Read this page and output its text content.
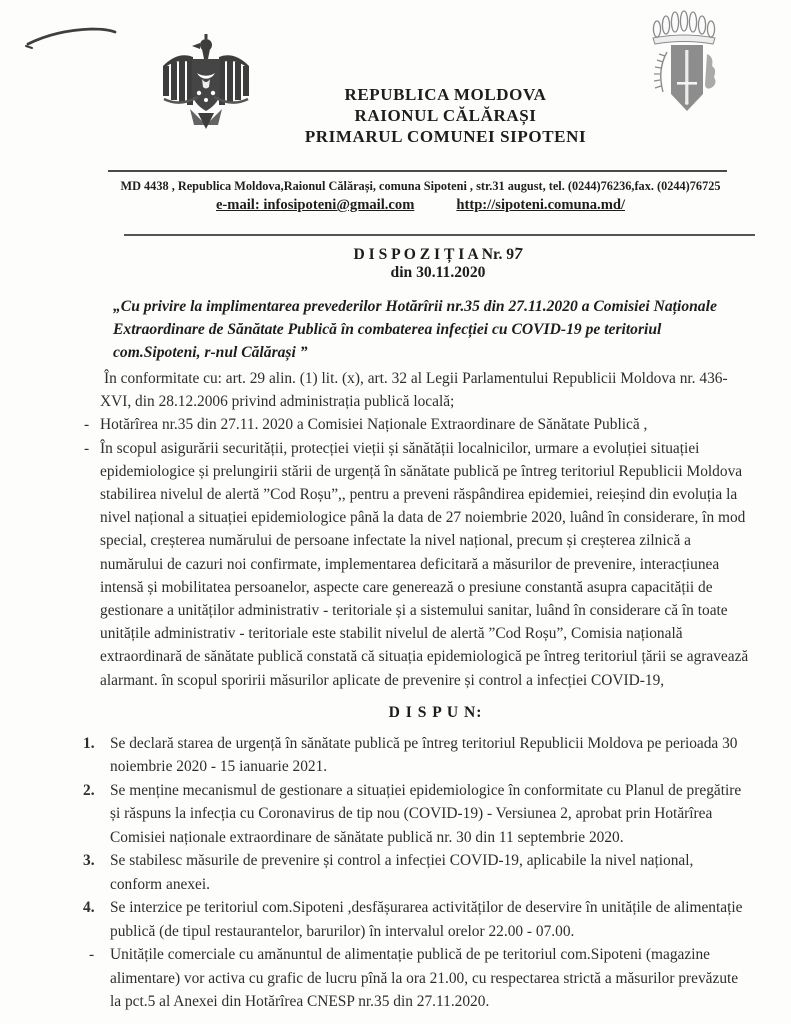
REPUBLICA MOLDOVA
RAIONUL CĂLĂRAȘI
PRIMARUL COMUNEI SIPOTENI
MD 4438 , Republica Moldova,Raionul Călărași, comuna Sipoteni , str.31 august, tel. (0244)76236,fax. (0244)76725
e-mail: infosipoteni@gmail.com	http://sipoteni.comuna.md/
D I S P O Z I Ț I A Nr. 97
din 30.11.2020
„Cu privire la implimentarea prevederilor Hotărîrii nr.35 din 27.11.2020 a Comisiei Naționale Extraordinare de Sănătate Publică în combaterea infecției cu COVID-19 pe teritoriul com.Sipoteni, r-nul Călărași ”
În conformitate cu: art. 29 alin. (1) lit. (x), art. 32 al Legii Parlamentului Republicii Moldova nr. 436-XVI, din 28.12.2006 privind administrația publică locală;
- Hotărîrea nr.35 din 27.11. 2020 a Comisiei Naționale Extraordinare de Sănătate Publică ,
- În scopul asigurării securității, protecției vieții și sănătății localnicilor, urmare a evoluției situației epidemiologice și prelungirii stării de urgență în sănătate publică pe întreg teritoriul Republicii Moldova stabilirea nivelul de alertă ”Cod Roșu”,, pentru a preveni răspândirea epidemiei, reieșind din evoluția la nivel național a situației epidemiologice până la data de 27 noiembrie 2020, luând în considerare, în mod special, creșterea numărului de persoane infectate la nivel național, precum și creșterea zilnică a numărului de cazuri noi confirmate, implementarea deficitară a măsurilor de prevenire, interacțiunea intensă și mobilitatea persoanelor, aspecte care generează o presiune constantă asupra capacității de gestionare a unităților administrativ - teritoriale și a sistemului sanitar, luând în considerare că în toate unitățile administrativ - teritoriale este stabilit nivelul de alertă ”Cod Roșu”, Comisia națională extraordinară de sănătate publică constată că situația epidemiologică pe întreg teritoriul țării se agravează alarmant. în scopul sporirii măsurilor aplicate de prevenire și control a infecției COVID-19,
D I S P U N:
1. Se declară starea de urgență în sănătate publică pe întreg teritoriul Republicii Moldova pe perioada 30 noiembrie 2020 - 15 ianuarie 2021.
2. Se menține mecanismul de gestionare a situației epidemiologice în conformitate cu Planul de pregătire și răspuns la infecția cu Coronavirus de tip nou (COVID-19) - Versiunea 2, aprobat prin Hotărîrea Comisiei naționale extraordinare de sănătate publică nr. 30 din 11 septembrie 2020.
3. Se stabilesc măsurile de prevenire și control a infecției COVID-19, aplicabile la nivel național, conform anexei.
4. Se interzice pe teritoriul com.Sipoteni ,desfășurarea activităților de deservire în unitățile de alimentație publică (de tipul restaurantelor, barurilor) în intervalul orelor 22.00 - 07.00.
- Unitățile comerciale cu amănuntul de alimentație publică de pe teritoriul com.Sipoteni (magazine alimentare) vor activa cu grafic de lucru pînă la ora 21.00, cu respectarea strictă a măsurilor prevăzute la pct.5 al Anexei din Hotărîrea CNESP nr.35 din 27.11.2020.
